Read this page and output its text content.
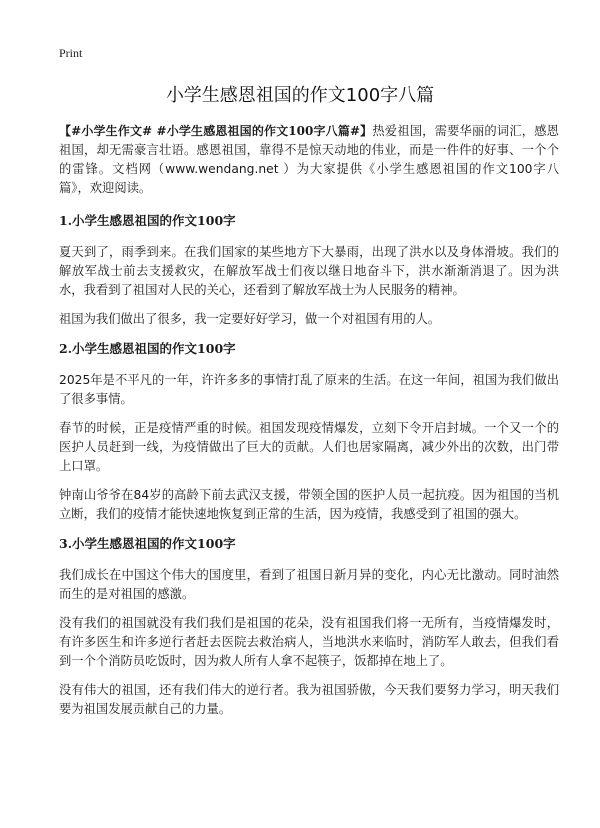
Print
小学生感恩祖国的作文100字八篇

【#小学生作文# #小学生感恩祖国的作文100字八篇#】热爱祖国，需要华丽的词汇，感恩祖国，却无需豪言壮语。感恩祖国，靠得不是惊天动地的伟业，而是一件件的好事、一个个的雷锋。文档网（www.wendang.net ）为大家提供《小学生感恩祖国的作文100字八篇》，欢迎阅读。

1.小学生感恩祖国的作文100字

夏天到了，雨季到来。在我们国家的某些地方下大暴雨，出现了洪水以及身体滑坡。我们的解放军战士前去支援救灾，在解放军战士们夜以继日地奋斗下，洪水渐渐消退了。因为洪水，我看到了祖国对人民的关心，还看到了解放军战士为人民服务的精神。

祖国为我们做出了很多，我一定要好好学习，做一个对祖国有用的人。

2.小学生感恩祖国的作文100字

2025年是不平凡的一年，许许多多的事情打乱了原来的生活。在这一年间，祖国为我们做出了很多事情。

春节的时候，正是疫情严重的时候。祖国发现疫情爆发，立刻下令开启封城。一个又一个的医护人员赶到一线，为疫情做出了巨大的贡献。人们也居家隔离，减少外出的次数，出门带上口罩。

钟南山爷爷在84岁的高龄下前去武汉支援，带领全国的医护人员一起抗疫。因为祖国的当机立断，我们的疫情才能快速地恢复到正常的生活，因为疫情，我感受到了祖国的强大。

3.小学生感恩祖国的作文100字

我们成长在中国这个伟大的国度里，看到了祖国日新月异的变化，内心无比激动。同时油然而生的是对祖国的感激。

没有我们的祖国就没有我们我们是祖国的花朵，没有祖国我们将一无所有，当疫情爆发时，有许多医生和许多逆行者赶去医院去救治病人，当地洪水来临时，消防军人敢去，但我们看到一个个消防员吃饭时，因为救人所有人拿不起筷子，饭都掉在地上了。

没有伟大的祖国，还有我们伟大的逆行者。我为祖国骄傲，今天我们要努力学习，明天我们要为祖国发展贡献自己的力量。
